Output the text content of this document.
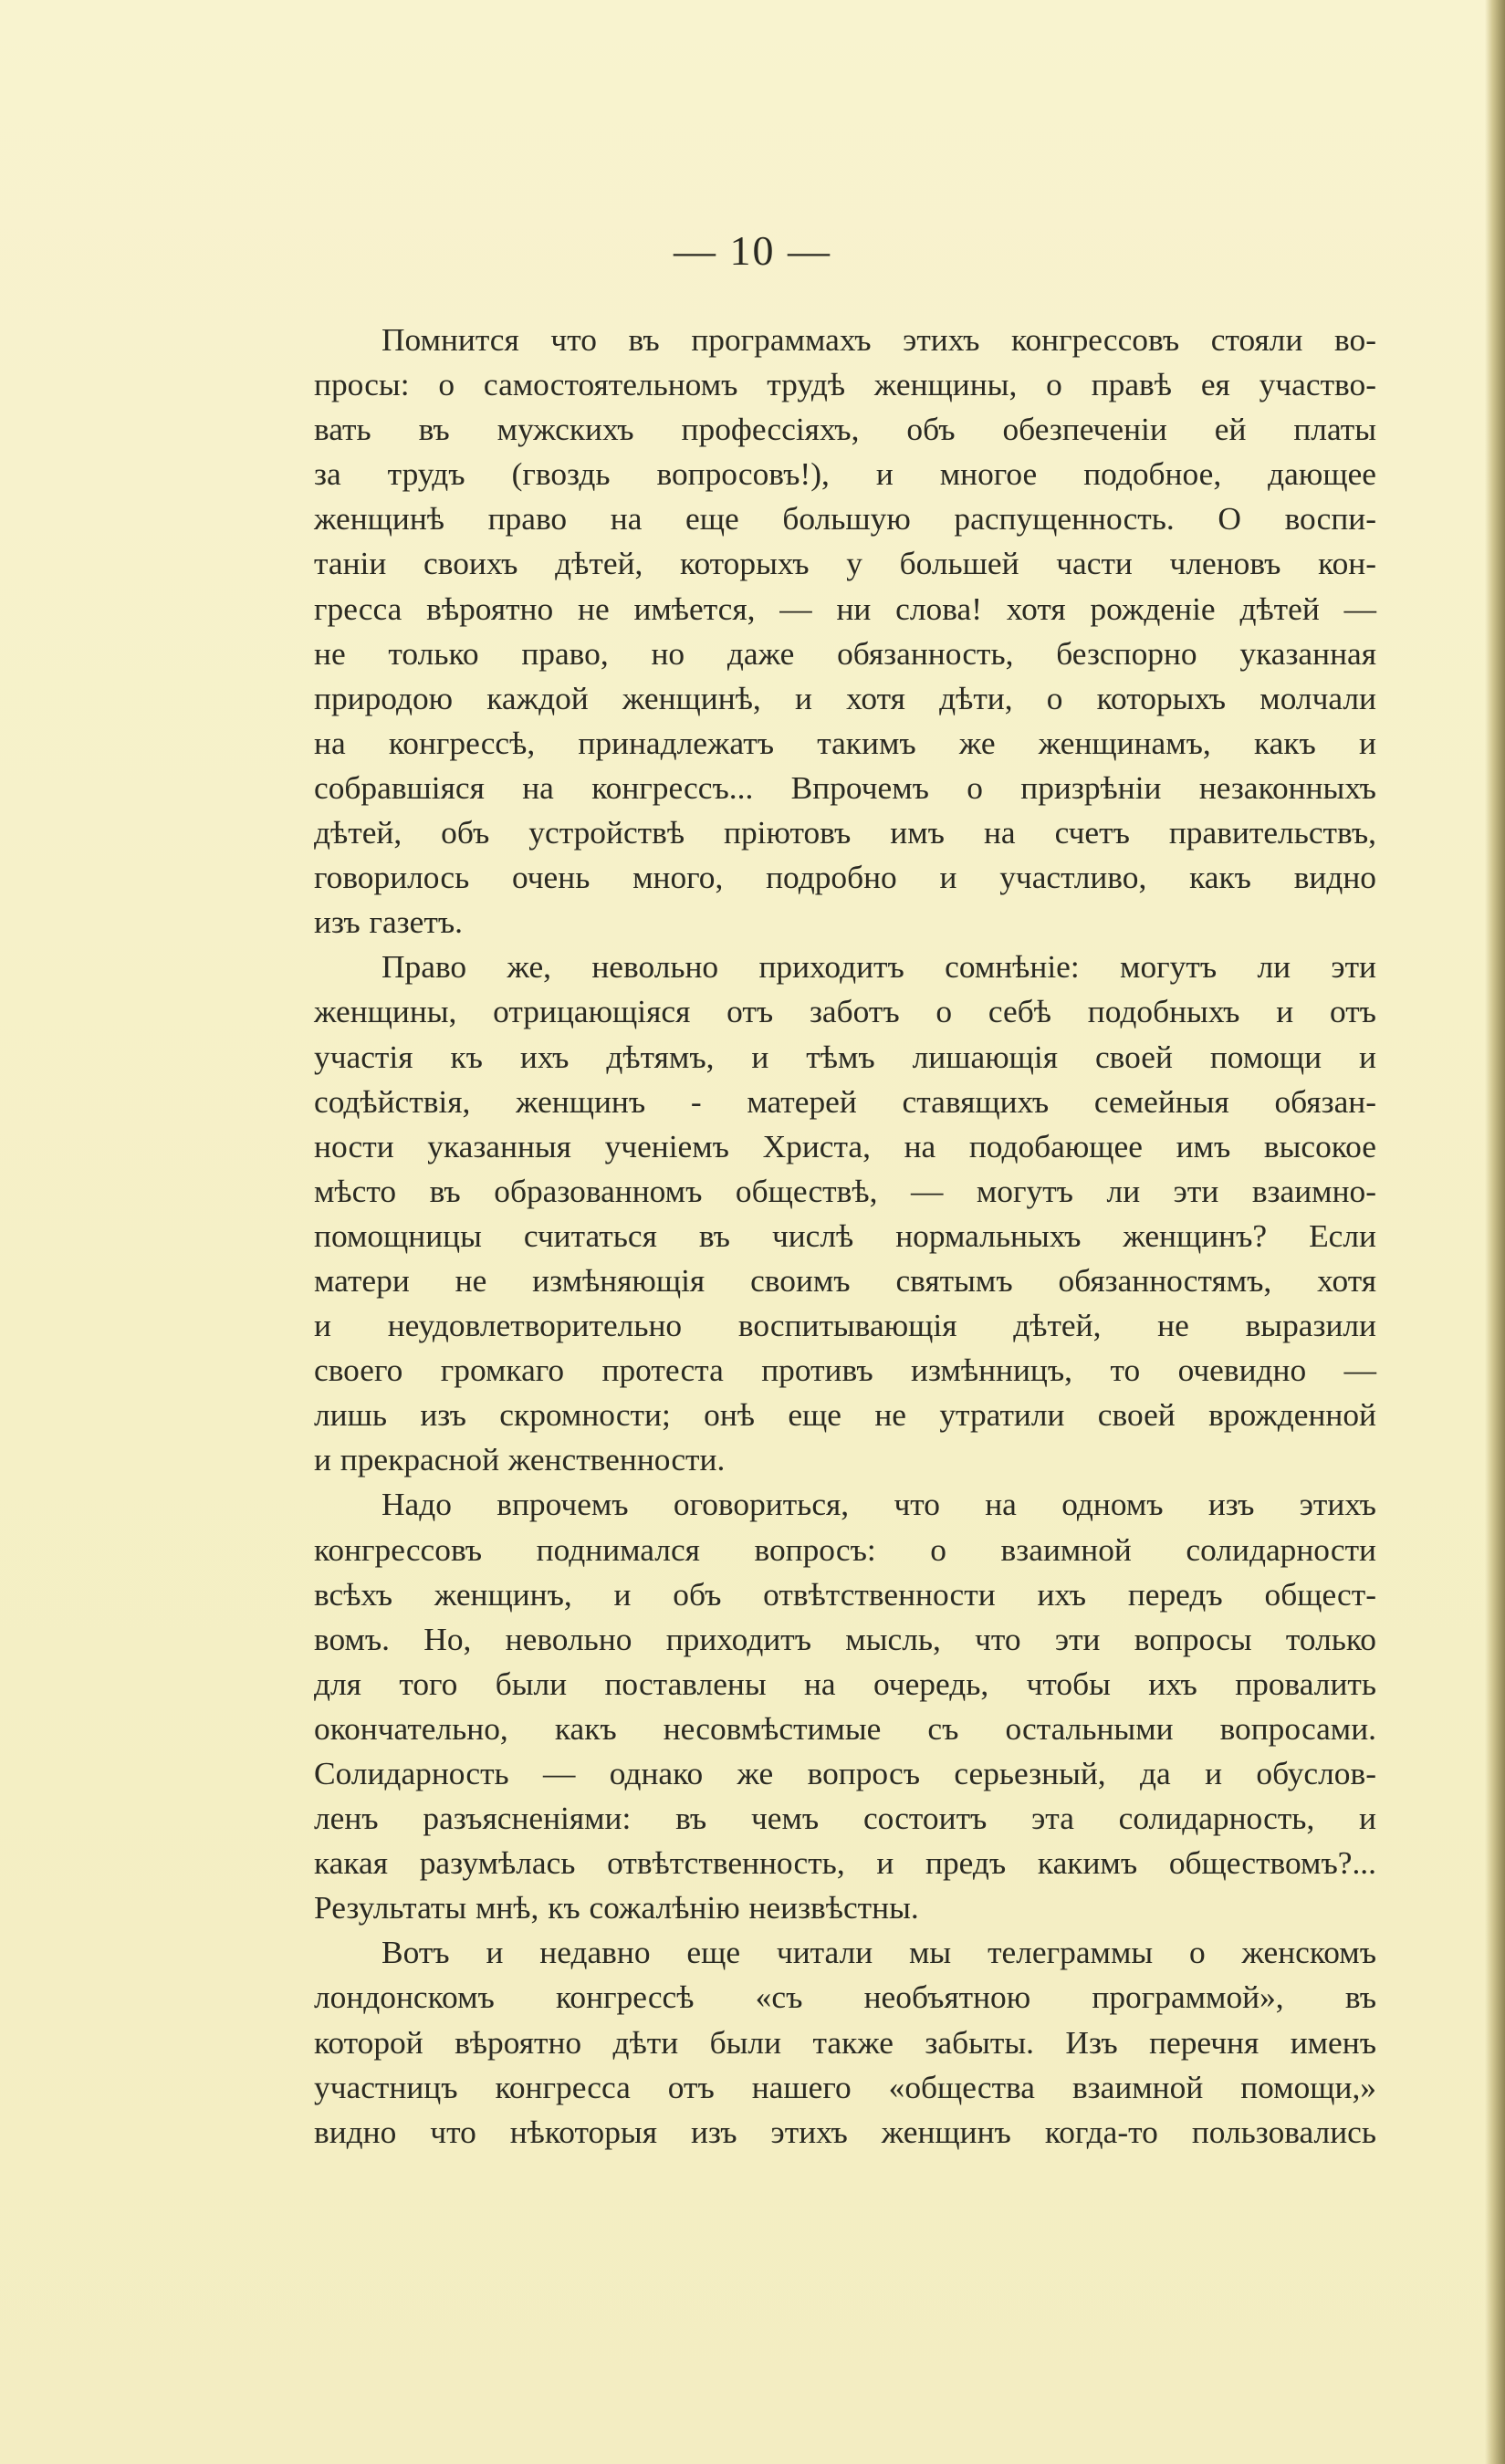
— 10 —

Помнится что въ программахъ этихъ конгрессовъ стояли во-
просы: о самостоятельномъ трудѣ женщины, о правѣ ея участво-
вать въ мужскихъ профессіяхъ, объ обезпеченіи ей платы
за трудъ (гвоздь вопросовъ!), и многое подобное, дающее
женщинѣ право на еще большую распущенность. О воспи-
таніи своихъ дѣтей, которыхъ у большей части членовъ кон-
гресса вѣроятно не имѣется, — ни слова! хотя рожденіе дѣтей —
не только право, но даже обязанность, безспорно указанная
природою каждой женщинѣ, и хотя дѣти, о которыхъ молчали
на конгрессѣ, принадлежатъ такимъ же женщинамъ, какъ и
собравшіяся на конгрессъ... Впрочемъ о призрѣніи незаконныхъ
дѣтей, объ устройствѣ пріютовъ имъ на счетъ правительствъ,
говорилось очень много, подробно и участливо, какъ видно
изъ газетъ.

Право же, невольно приходитъ сомнѣніе: могутъ ли эти
женщины, отрицающіяся отъ заботъ о себѣ подобныхъ и отъ
участія къ ихъ дѣтямъ, и тѣмъ лишающія своей помощи и
содѣйствія, женщинъ - матерей ставящихъ семейныя обязан-
ности указанныя ученіемъ Христа, на подобающее имъ высокое
мѣсто въ образованномъ обществѣ, — могутъ ли эти взаимно-
помощницы считаться въ числѣ нормальныхъ женщинъ? Если
матери не измѣняющія своимъ святымъ обязанностямъ, хотя
и неудовлетворительно воспитывающія дѣтей, не выразили
своего громкаго протеста противъ измѣнницъ, то очевидно —
лишь изъ скромности; онѣ еще не утратили своей врожденной
и прекрасной женственности.

Надо впрочемъ оговориться, что на одномъ изъ этихъ
конгрессовъ поднимался вопросъ: о взаимной солидарности
всѣхъ женщинъ, и объ отвѣтственности ихъ передъ общест-
вомъ. Но, невольно приходитъ мысль, что эти вопросы только
для того были поставлены на очередь, чтобы ихъ провалить
окончательно, какъ несовмѣстимые съ остальными вопросами.
Солидарность — однако же вопросъ серьезный, да и обуслов-
ленъ разъясненіями: въ чемъ состоитъ эта солидарность, и
какая разумѣлась отвѣтственность, и предъ какимъ обществомъ?...
Результаты мнѣ, къ сожалѣнію неизвѣстны.

Вотъ и недавно еще читали мы телеграммы о женскомъ
лондонскомъ конгрессѣ «съ необъятною программой», въ
которой вѣроятно дѣти были также забыты. Изъ перечня именъ
участницъ конгресса отъ нашего «общества взаимной помощи,»
видно что нѣкоторыя изъ этихъ женщинъ когда-то пользовались
